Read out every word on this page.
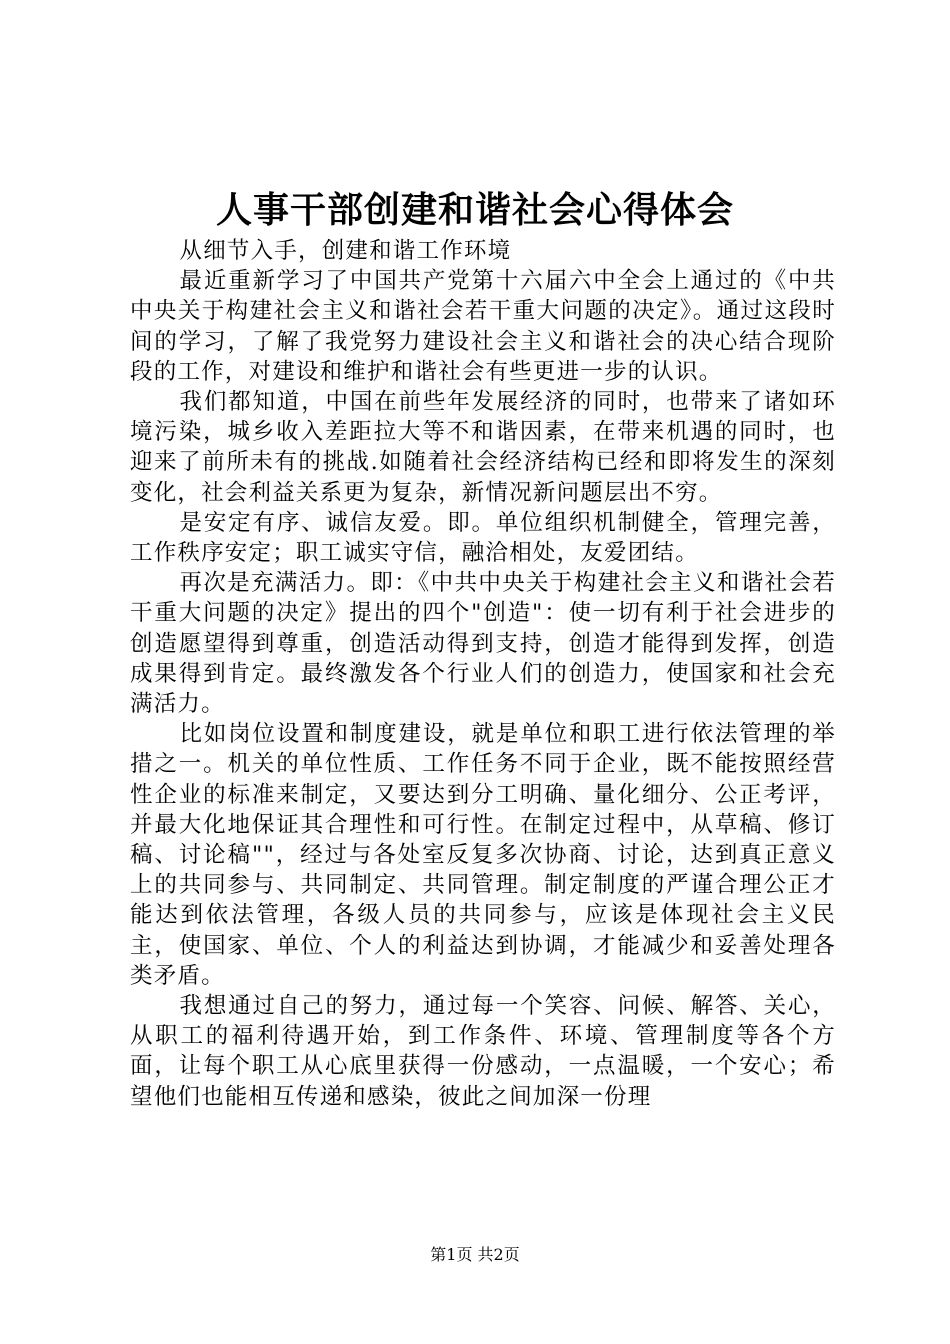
人事干部创建和谐社会心得体会

从细节入手，创建和谐工作环境

最近重新学习了中国共产党第十六届六中全会上通过的《中共中央关于构建社会主义和谐社会若干重大问题的决定》。通过这段时间的学习，了解了我党努力建设社会主义和谐社会的决心结合现阶段的工作，对建设和维护和谐社会有些更进一步的认识。

我们都知道，中国在前些年发展经济的同时，也带来了诸如环境污染，城乡收入差距拉大等不和谐因素，在带来机遇的同时，也迎来了前所未有的挑战.如随着社会经济结构已经和即将发生的深刻变化，社会利益关系更为复杂，新情况新问题层出不穷。

是安定有序、诚信友爱。即。单位组织机制健全，管理完善，工作秩序安定；职工诚实守信，融洽相处，友爱团结。

再次是充满活力。即：《中共中央关于构建社会主义和谐社会若干重大问题的决定》提出的四个"创造"：使一切有利于社会进步的创造愿望得到尊重，创造活动得到支持，创造才能得到发挥，创造成果得到肯定。最终激发各个行业人们的创造力，使国家和社会充满活力。

比如岗位设置和制度建设，就是单位和职工进行依法管理的举措之一。机关的单位性质、工作任务不同于企业，既不能按照经营性企业的标准来制定，又要达到分工明确、量化细分、公正考评，并最大化地保证其合理性和可行性。在制定过程中，从草稿、修订稿、讨论稿""，经过与各处室反复多次协商、讨论，达到真正意义上的共同参与、共同制定、共同管理。制定制度的严谨合理公正才能达到依法管理，各级人员的共同参与，应该是体现社会主义民主，使国家、单位、个人的利益达到协调，才能减少和妥善处理各类矛盾。

我想通过自己的努力，通过每一个笑容、问候、解答、关心，从职工的福利待遇开始，到工作条件、环境、管理制度等各个方面，让每个职工从心底里获得一份感动，一点温暖，一个安心；希望他们也能相互传递和感染，彼此之间加深一份理

第1页 共2页
